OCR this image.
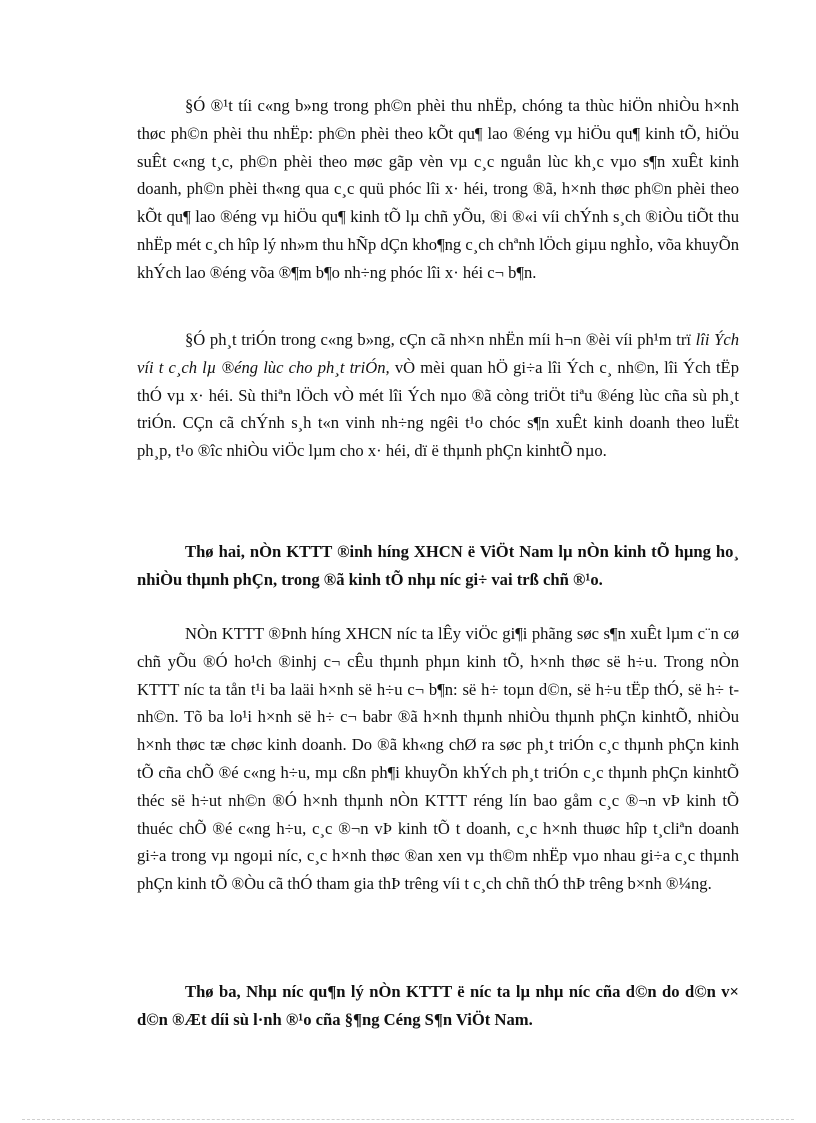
§Ó ®¹t tíi c«ng b»ng trong ph©n phèi thu nhËp, chóng ta thùc hiÖn nhiÒu h×nh thøc ph©n phèi thu nhËp: ph©n phèi theo kÕt qu¶ lao ®éng vµ hiÖu qu¶ kinh tÕ, hiÖu suÊt c«ng t¸c, ph©n phèi theo møc gãp vèn vµ c¸c nguån lùc kh¸c vµo s¶n xuÊt kinh doanh, ph©n phèi th«ng qua c¸c quü phóc lîi x· héi, trong ®ã, h×nh thøc ph©n phèi theo kÕt qu¶ lao ®éng vµ hiÖu qu¶ kinh tÕ lµ chñ yÕu, ®i ®«i víi chÝnh s¸ch ®iÒu tiÕt thu nhËp mét c¸ch hîp lý nh»m thu hÑp dÇn kho¶ng c¸ch chªnh lÖch giµu nghÌo, võa khuyÕn khÝch lao ®éng võa ®¶m b¶o nh÷ng phóc lîi x· héi c¬ b¶n.
§Ó ph¸t triÓn trong c«ng b»ng, cÇn cã nh×n nhËn míi h¬n ®èi víi ph¹m trï lîi Ých víi t c¸ch lµ ®éng lùc cho ph¸t triÓn, vÒ mèi quan hÖ gi÷a lîi Ých c¸ nh©n, lîi Ých tËp thÓ vµ x· héi. Sù thiªn lÖch vÒ mét lîi Ých nµo ®ã còng triÖt tiªu ®éng lùc cña sù ph¸t triÓn. CÇn cã chÝnh s¸h t«n vinh nh÷ng ngêi t¹o chóc s¶n xuÊt kinh doanh theo luËt ph¸p, t¹o ®îc nhiÒu viÖc lµm cho x· héi, dï ë thµnh phÇn kinhtÕ nµo.
Thø hai, nÒn KTTT ®inh híng XHCN ë ViÖt Nam lµ nÒn kinh tÕ hµng ho¸ nhiÒu thµnh phÇn, trong ®ã kinh tÕ nhµ níc gi÷ vai trß chñ ®¹o.
NÒn KTTT ®Þnh híng XHCN níc ta lÊy viÖc gi¶i phãng søc s¶n xuÊt lµm c¨n cø chñ yÕu ®Ó ho¹ch ®inhj c¬ cÊu thµnh phµn kinh tÕ, h×nh thøc së h÷u. Trong nÒn KTTT níc ta tån t¹i ba laäi h×nh së h÷u c¬ b¶n: së h÷ toµn d©n, së h÷u tËp thÓ, së h÷ t nh©n. Tõ ba lo¹i h×nh së h÷ c¬ babr ®ã h×nh thµnh nhiÒu thµnh phÇn kinhtÕ, nhiÒu h×nh thøc tæ chøc kinh doanh. Do ®ã kh«ng chØ ra søc ph¸t triÓn c¸c thµnh phÇn kinh tÕ cña chÕ ®é c«ng h÷u, mµ cßn ph¶i khuyÕn khÝch ph¸t triÓn c¸c thµnh phÇn kinhtÕ théc së h÷ut nh©n ®Ó h×nh thµnh nÒn KTTT réng lín bao gåm c¸c ®¬n vÞ kinh tÕ thuéc chÕ ®é c«ng h÷u, c¸c ®¬n vÞ kinh tÕ t doanh, c¸c h×nh thuøc hîp t¸cliªn doanh gi÷a trong vµ ngoµi níc, c¸c h×nh thøc ®an xen vµ th©m nhËp vµo nhau gi÷a c¸c thµnh phÇn kinh tÕ ®Òu cã thÓ tham gia thÞ trêng víi t c¸ch chñ thÓ thÞ trêng b×nh ®¼ng.
Thø ba, Nhµ níc qu¶n lý nÒn KTTT ë níc ta lµ nhµ níc cña d©n do d©n v× d©n ®Æt díi sù l·nh ®¹o cña §¶ng Céng S¶n ViÖt Nam.
